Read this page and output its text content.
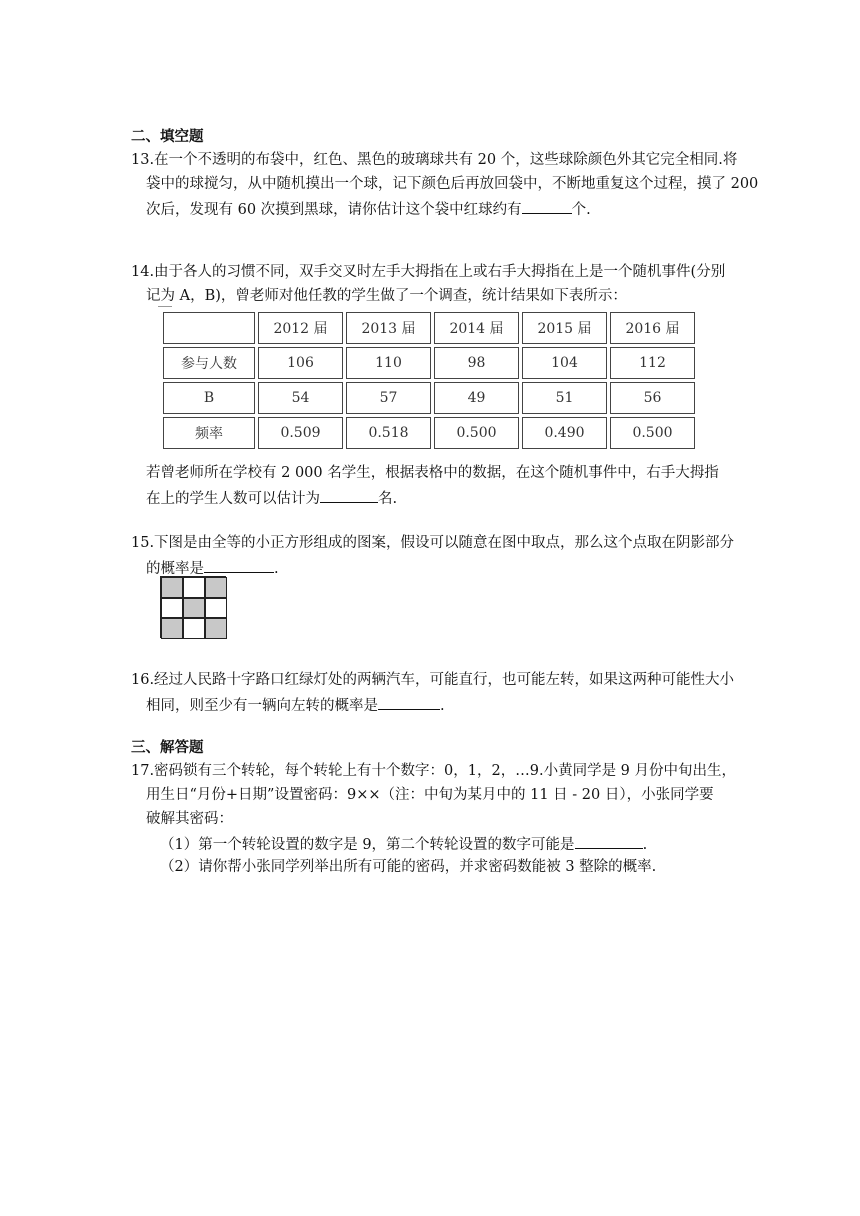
二、填空题
13.在一个不透明的布袋中，红色、黑色的玻璃球共有 20 个，这些球除颜色外其它完全相同.将
袋中的球搅匀，从中随机摸出一个球，记下颜色后再放回袋中，不断地重复这个过程，摸了 200
次后，发现有 60 次摸到黑球，请你估计这个袋中红球约有	个.
14.由于各人的习惯不同，双手交叉时左手大拇指在上或右手大拇指在上是一个随机事件(分别
记为 A，B)，曾老师对他任教的学生做了一个调查，统计结果如下表所示：
	2012 届	2013 届	2014 届	2015 届	2016 届
参与人数	106	110	98	104	112
B	54	57	49	51	56
频率	0.509	0.518	0.500	0.490	0.500
若曾老师所在学校有 2 000 名学生，根据表格中的数据，在这个随机事件中，右手大拇指
在上的学生人数可以估计为	名.
15.下图是由全等的小正方形组成的图案，假设可以随意在图中取点，那么这个点取在阴影部分
的概率是	.
16.经过人民路十字路口红绿灯处的两辆汽车，可能直行，也可能左转，如果这两种可能性大小
相同，则至少有一辆向左转的概率是	.
三、解答题
17.密码锁有三个转轮，每个转轮上有十个数字：0，1，2，…9.小黄同学是 9 月份中旬出生，
用生日“月份+日期”设置密码：9××（注：中旬为某月中的 11 日 - 20 日），小张同学要
破解其密码：
（1）第一个转轮设置的数字是 9，第二个转轮设置的数字可能是	.
（2）请你帮小张同学列举出所有可能的密码，并求密码数能被 3 整除的概率.
